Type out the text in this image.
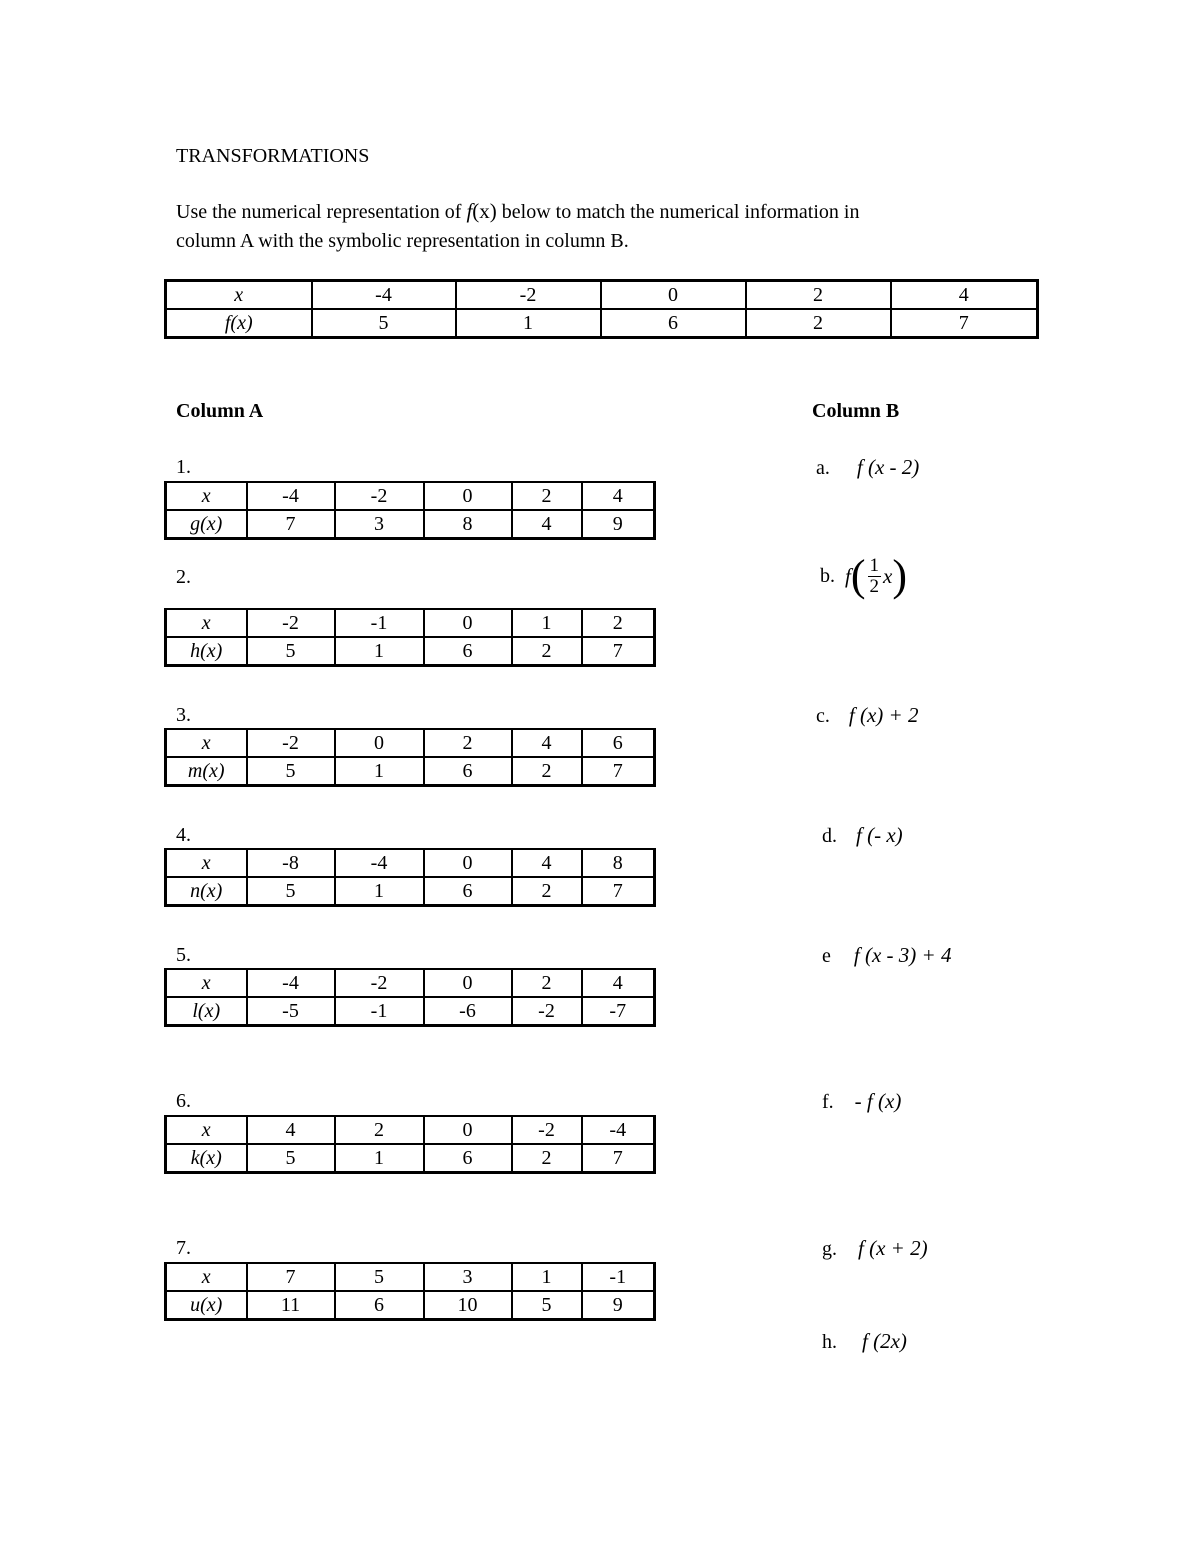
TRANSFORMATIONS
Use the numerical representation of f(x) below to match the numerical information in
column A with the symbolic representation in column B.
x	-4	-2	0	2	4
f(x)	5	1	6	2	7
Column A	Column B
1.
x	-4	-2	0	2	4
g(x)	7	3	8	4	9
2.
x	-2	-1	0	1	2
h(x)	5	1	6	2	7
3.
x	-2	0	2	4	6
m(x)	5	1	6	2	7
4.
x	-8	-4	0	4	8
n(x)	5	1	6	2	7
5.
x	-4	-2	0	2	4
l(x)	-5	-1	-6	-2	-7
6.
x	4	2	0	-2	-4
k(x)	5	1	6	2	7
7.
x	7	5	3	1	-1
u(x)	11	6	10	5	9
a. f (x - 2)
b. f ( $\frac{1}{2}$ x )
c. f (x) + 2
d. f (- x)
e f (x - 3) + 4
f. - f (x)
g. f (x + 2)
h. f (2x)
